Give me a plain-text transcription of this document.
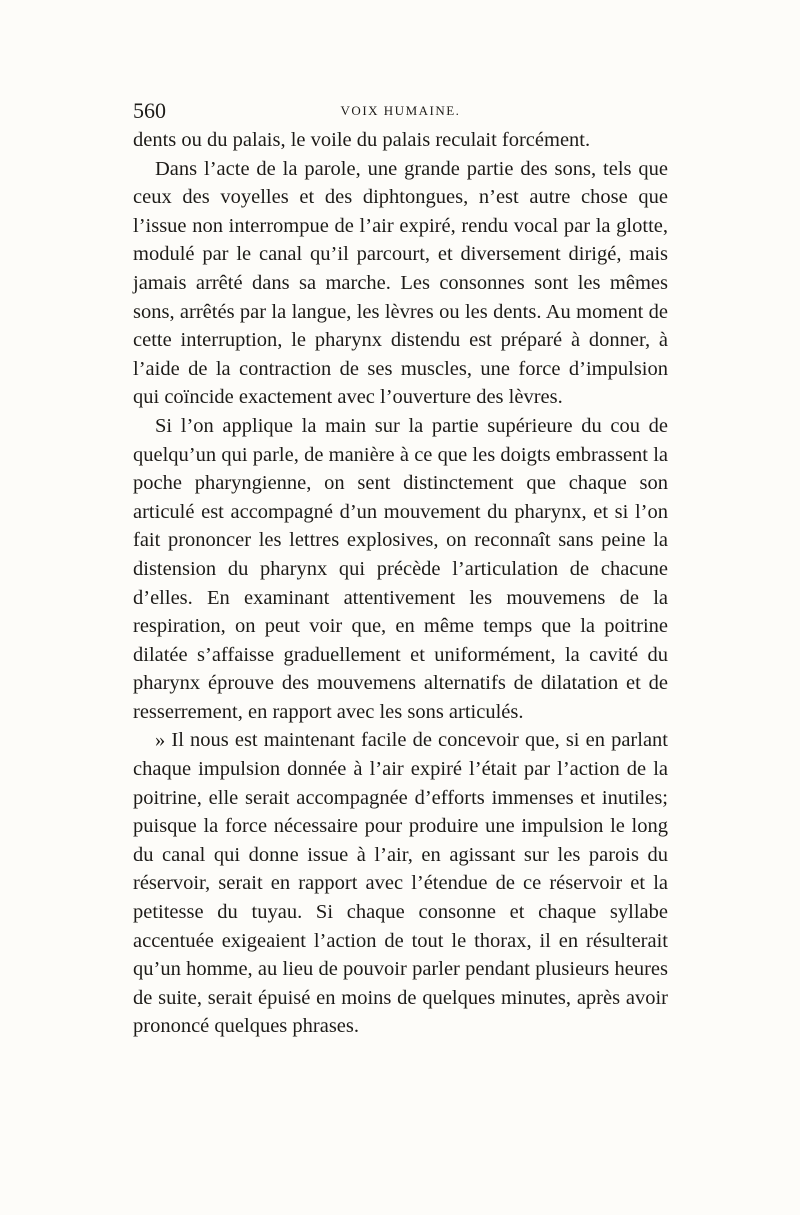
560	VOIX HUMAINE.

dents ou du palais, le voile du palais reculait forcément.

Dans l’acte de la parole, une grande partie des sons, tels que ceux des voyelles et des diphtongues, n’est autre chose que l’issue non interrompue de l’air expiré, rendu vocal par la glotte, modulé par le canal qu’il parcourt, et diversement dirigé, mais jamais arrêté dans sa marche. Les consonnes sont les mêmes sons, arrêtés par la langue, les lèvres ou les dents. Au moment de cette interruption, le pharynx distendu est préparé à donner, à l’aide de la contraction de ses muscles, une force d’impulsion qui coïncide exactement avec l’ouverture des lèvres.

Si l’on applique la main sur la partie supérieure du cou de quelqu’un qui parle, de manière à ce que les doigts embrassent la poche pharyngienne, on sent distinctement que chaque son articulé est accompagné d’un mouvement du pharynx, et si l’on fait prononcer les lettres explosives, on reconnaît sans peine la distension du pharynx qui précède l’articulation de chacune d’elles. En examinant attentivement les mouvemens de la respiration, on peut voir que, en même temps que la poitrine dilatée s’affaisse graduellement et uniformément, la cavité du pharynx éprouve des mouvemens alternatifs de dilatation et de resserrement, en rapport avec les sons articulés.

» Il nous est maintenant facile de concevoir que, si en parlant chaque impulsion donnée à l’air expiré l’était par l’action de la poitrine, elle serait accompagnée d’efforts immenses et inutiles; puisque la force nécessaire pour produire une impulsion le long du canal qui donne issue à l’air, en agissant sur les parois du réservoir, serait en rapport avec l’étendue de ce réservoir et la petitesse du tuyau. Si chaque consonne et chaque syllabe accentuée exigeaient l’action de tout le thorax, il en résulterait qu’un homme, au lieu de pouvoir parler pendant plusieurs heures de suite, serait épuisé en moins de quelques minutes, après avoir prononcé quelques phrases.
